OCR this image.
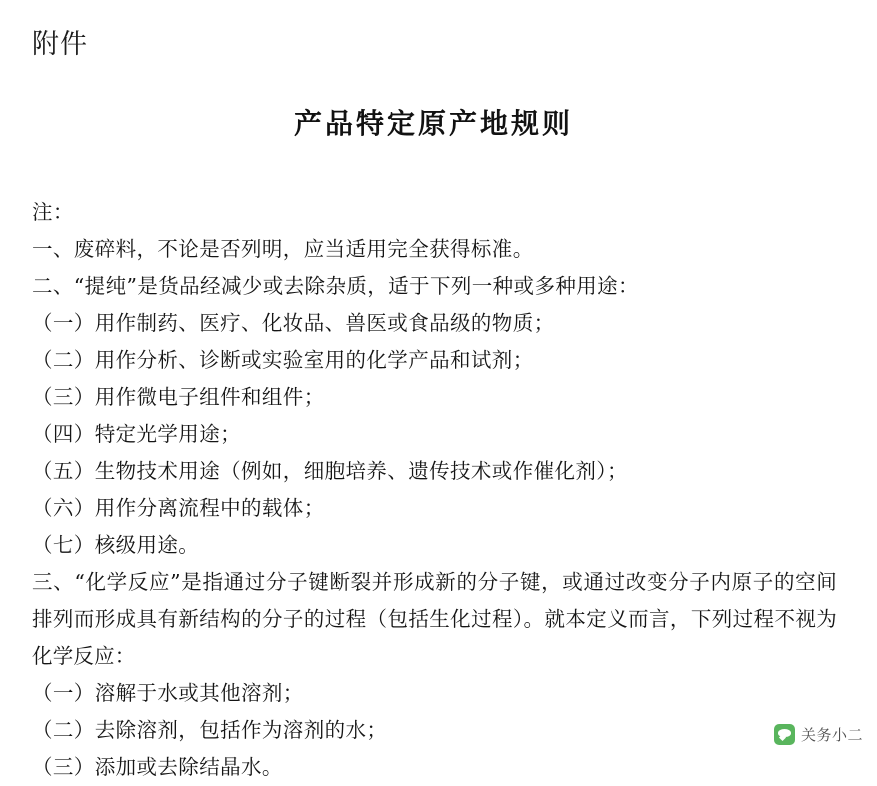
附件
产品特定原产地规则

注：

一、废碎料，不论是否列明，应当适用完全获得标准。

二、“提纯”是货品经减少或去除杂质，适于下列一种或多种用途：

（一）用作制药、医疗、化妆品、兽医或食品级的物质；

（二）用作分析、诊断或实验室用的化学产品和试剂；

（三）用作微电子组件和组件；

（四）特定光学用途；

（五）生物技术用途（例如，细胞培养、遗传技术或作催化剂）；

（六）用作分离流程中的载体；

（七）核级用途。

三、“化学反应”是指通过分子键断裂并形成新的分子键，或通过改变分子内原子的空间排列而形成具有新结构的分子的过程（包括生化过程）。就本定义而言，下列过程不视为化学反应：

（一）溶解于水或其他溶剂；

（二）去除溶剂，包括作为溶剂的水；

（三）添加或去除结晶水。

关务小二
